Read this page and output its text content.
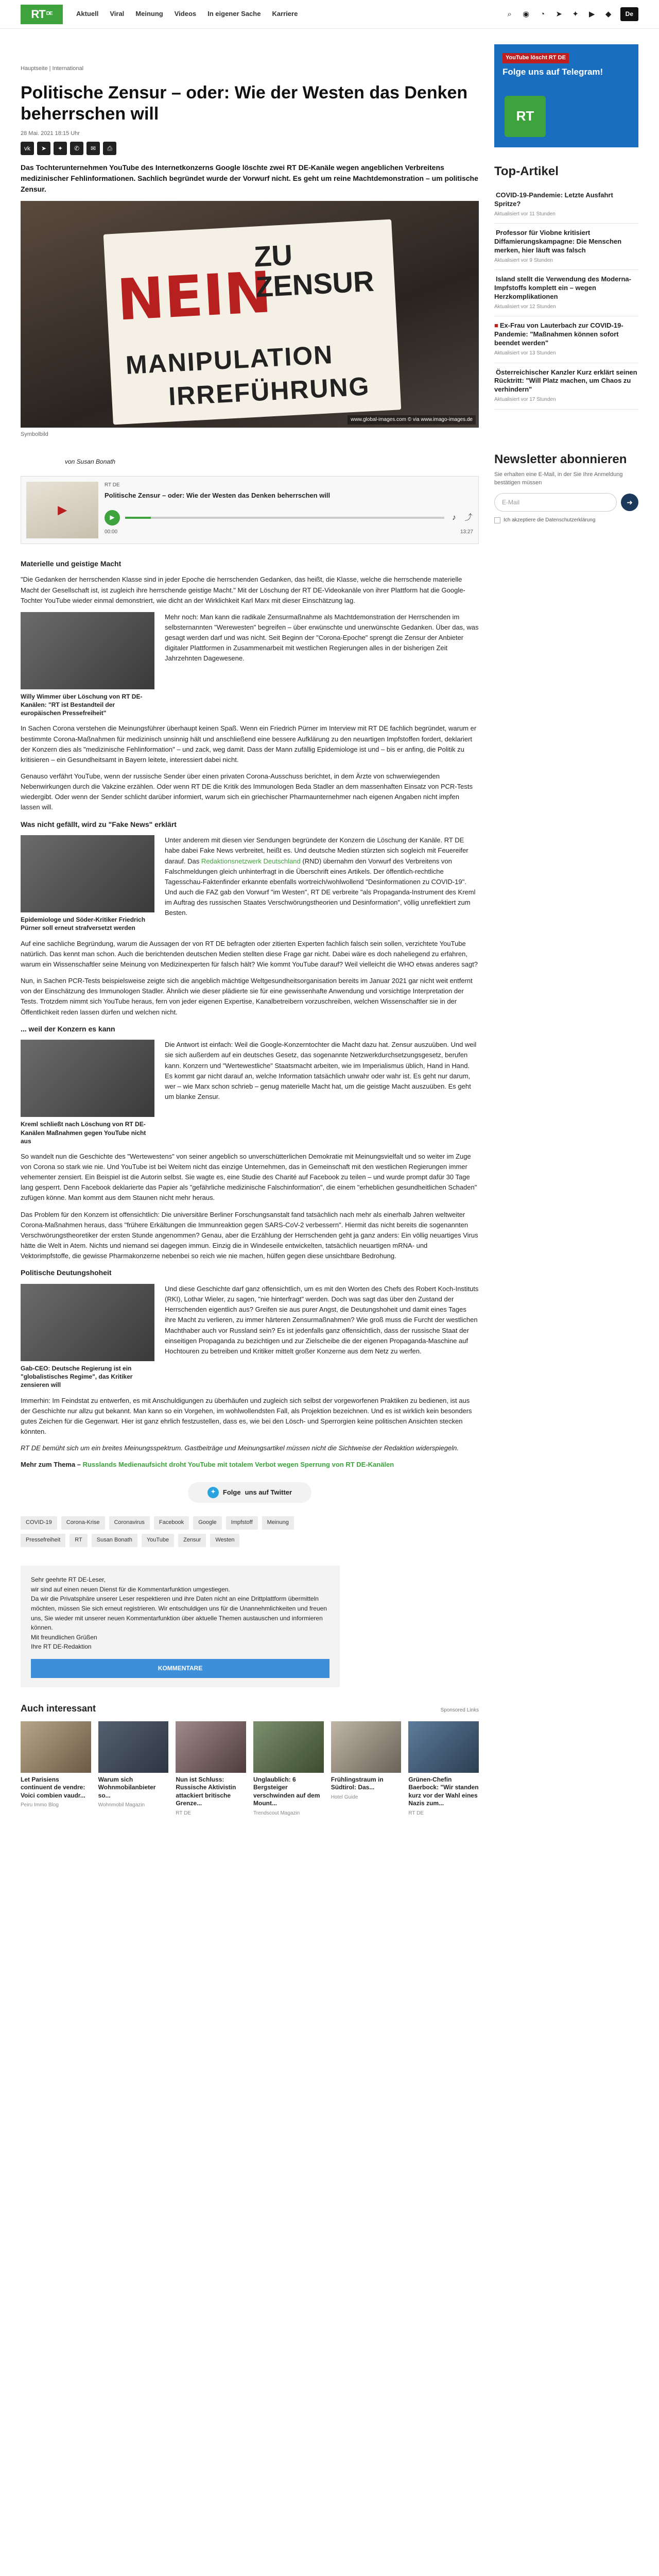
RT DE	Aktuell Viral Meinung Videos In eigener Sache Karriere	⌕	◉ ◔ ➤ ✦ ▶ ◆	De
Hauptseite | International
Politische Zensur – oder: Wie der Westen das Denken beherrschen will
28 Mai. 2021 18:15 Uhr
vk	➤	✦	✆	✉	⎙

Das Tochterunternehmen YouTube des Internetkonzerns Google löschte zwei RT DE-Kanäle wegen angeblichen Verbreitens medizinischer Fehlinformationen. Sachlich begründet wurde der Vorwurf nicht. Es geht um reine Machtdemonstration – um politische Zensur.

NEIN
ZU ZENSUR
MANIPULATION
IRREFÜHRUNG
www.global-images.com © via www.imago-images.de
Symbolbild
von Susan Bonath
▶
RT DE
Politische Zensur – oder: Wie der Westen das Denken beherrschen will
▶	♪	⤴
00:00	13:27
Materielle und geistige Macht

"Die Gedanken der herrschenden Klasse sind in jeder Epoche die herrschenden Gedanken, das heißt, die Klasse, welche die herrschende materielle Macht der Gesellschaft ist, ist zugleich ihre herrschende geistige Macht." Mit der Löschung der RT DE-Videokanäle von ihrer Plattform hat die Google-Tochter YouTube wieder einmal demonstriert, wie dicht an der Wirklichkeit Karl Marx mit dieser Einschätzung lag.

Willy Wimmer über Löschung von RT DE-Kanälen: "RT ist Bestandteil der europäischen Pressefreiheit"

Mehr noch: Man kann die radikale Zensurmaßnahme als Machtdemonstration der Herrschenden im selbsternannten "Werewesten" begreifen – über erwünschte und unerwünschte Gedanken. Über das, was gesagt werden darf und was nicht. Seit Beginn der "Corona-Epoche" sprengt die Zensur der Anbieter digitaler Plattformen in Zusammenarbeit mit westlichen Regierungen alles in der bisherigen Zeit Jahrzehnten Dagewesene.

In Sachen Corona verstehen die Meinungsführer überhaupt keinen Spaß. Wenn ein Friedrich Pürner im Interview mit RT DE fachlich begründet, warum er bestimmte Corona-Maßnahmen für medizinisch unsinnig hält und anschließend eine bessere Aufklärung zu den neuartigen Impfstoffen fordert, deklariert der Konzern dies als "medizinische Fehlinformation" – und zack, weg damit. Dass der Mann zufällig Epidemiologe ist und – bis er anfing, die Politik zu kritisieren – ein Gesundheitsamt in Bayern leitete, interessiert dabei nicht.

Genauso verfährt YouTube, wenn der russische Sender über einen privaten Corona-Ausschuss berichtet, in dem Ärzte von schwerwiegenden Nebenwirkungen durch die Vakzine erzählen. Oder wenn RT DE die Kritik des Immunologen Beda Stadler an dem massenhaften Einsatz von PCR-Tests wiedergibt. Oder wenn der Sender schlicht darüber informiert, warum sich ein griechischer Pharmaunternehmer nach eigenen Angaben nicht impfen lassen will.

Was nicht gefällt, wird zu "Fake News" erklärt
Epidemiologe und Söder-Kritiker Friedrich Pürner soll erneut strafversetzt werden

Unter anderem mit diesen vier Sendungen begründete der Konzern die Löschung der Kanäle. RT DE habe dabei Fake News verbreitet, heißt es. Und deutsche Medien stürzten sich sogleich mit Feuereifer darauf. Das Redaktionsnetzwerk Deutschland (RND) übernahm den Vorwurf des Verbreitens von Falschmeldungen gleich unhinterfragt in die Überschrift eines Artikels. Der öffentlich-rechtliche Tagesschau-Faktenfinder erkannte ebenfalls wortreich/wohlwollend "Desinformationen zu COVID-19". Und auch die FAZ gab den Vorwurf "im Westen", RT DE verbreite "als Propaganda-Instrument des Kreml im Auftrag des russischen Staates Verschwörungstheorien und Desinformation", völlig unreflektiert zum Besten.

Auf eine sachliche Begründung, warum die Aussagen der von RT DE befragten oder zitierten Experten fachlich falsch sein sollen, verzichtete YouTube natürlich. Das kennt man schon. Auch die berichtenden deutschen Medien stellten diese Frage gar nicht. Dabei wäre es doch naheliegend zu erfahren, warum ein Wissenschaftler seine Meinung von Medizinexperten für falsch hält? Wie kommt YouTube darauf? Weil vielleicht die WHO etwas anderes sagt?

Nun, in Sachen PCR-Tests beispielsweise zeigte sich die angeblich mächtige Weltgesundheitsorganisation bereits im Januar 2021 gar nicht weit entfernt von der Einschätzung des Immunologen Stadler. Ähnlich wie dieser plädierte sie für eine gewissenhafte Anwendung und vorsichtige Interpretation der Tests. Trotzdem nimmt sich YouTube heraus, fern von jeder eigenen Expertise, Kanalbetreibern vorzuschreiben, welchen Wissenschaftler sie in der Öffentlichkeit reden lassen dürfen und welchen nicht.

... weil der Konzern es kann
Kreml schließt nach Löschung von RT DE-Kanälen Maßnahmen gegen YouTube nicht aus

Die Antwort ist einfach: Weil die Google-Konzerntochter die Macht dazu hat. Zensur auszuüben. Und weil sie sich außerdem auf ein deutsches Gesetz, das sogenannte Netzwerkdurchsetzungsgesetz, berufen kann. Konzern und "Wertewestliche" Staatsmacht arbeiten, wie im Imperialismus üblich, Hand in Hand. Es kommt gar nicht darauf an, welche Information tatsächlich unwahr oder wahr ist. Es geht nur darum, wer – wie Marx schon schrieb – genug materielle Macht hat, um die geistige Macht auszuüben. Es geht um blanke Zensur.

So wandelt nun die Geschichte des "Wertewestens" von seiner angeblich so unverschütterlichen Demokratie mit Meinungsvielfalt und so weiter im Zuge von Corona so stark wie nie. Und YouTube ist bei Weitem nicht das einzige Unternehmen, das in Gemeinschaft mit den westlichen Regierungen immer vehementer zensiert. Ein Beispiel ist die Autorin selbst. Sie wagte es, eine Studie des Charité auf Facebook zu teilen – und wurde prompt dafür 30 Tage lang gesperrt. Denn Facebook deklarierte das Papier als "gefährliche medizinische Falschinformation", die einem "erheblichen gesundheitlichen Schaden" zufügen könne. Man kommt aus dem Staunen nicht mehr heraus.

Das Problem für den Konzern ist offensichtlich: Die universitäre Berliner Forschungsanstalt fand tatsächlich nach mehr als einerhalb Jahren weltweiter Corona-Maßnahmen heraus, dass "frühere Erkältungen die Immunreaktion gegen SARS-CoV-2 verbessern". Hiermit das nicht bereits die sogenannten Verschwörungstheoretiker der ersten Stunde angenommen? Genau, aber die Erzählung der Herrschenden geht ja ganz anders: Ein völlig neuartiges Virus hätte die Welt in Atem. Nichts und niemand sei dagegen immun. Einzig die in Windeseile entwickelten, tatsächlich neuartigen mRNA- und Vektorimpfstoffe, die gewisse Pharmakonzerne nebenbei so reich wie nie machen, hülfen gegen diese unsichtbare Bedrohung.

Politische Deutungshoheit
Gab-CEO: Deutsche Regierung ist ein "globalistisches Regime", das Kritiker zensieren will

Und diese Geschichte darf ganz offensichtlich, um es mit den Worten des Chefs des Robert Koch-Instituts (RKI), Lothar Wieler, zu sagen, "nie hinterfragt" werden. Doch was sagt das über den Zustand der Herrschenden eigentlich aus? Greifen sie aus purer Angst, die Deutungshoheit und damit eines Tages ihre Macht zu verlieren, zu immer härteren Zensurmaßnahmen? Wie groß muss die Furcht der westlichen Machthaber auch vor Russland sein? Es ist jedenfalls ganz offensichtlich, dass der russische Staat der einseitigen Propaganda zu bezichtigen und zur Zielscheibe die der eigenen Propaganda-Maschine auf Hochtouren zu betreiben und Kritiker mittelt großer Konzerne aus dem Netz zu werfen.

Immerhin: Im Feindstat zu entwerfen, es mit Anschuldigungen zu überhäufen und zugleich sich selbst der vorgeworfenen Praktiken zu bedienen, ist aus der Geschichte nur allzu gut bekannt. Man kann so ein Vorgehen, im wohlwollendsten Fall, als Projektion bezeichnen. Und es ist wirklich kein besonders gutes Zeichen für die Gegenwart. Hier ist ganz ehrlich festzustellen, dass es, wie bei den Lösch- und Sperrorgien keine politischen Ansichten stecken könnten.

RT DE bemüht sich um ein breites Meinungsspektrum. Gastbeiträge und Meinungsartikel müssen nicht die Sichtweise der Redaktion widerspiegeln.

Mehr zum Thema – Russlands Medienaufsicht droht YouTube mit totalem Verbot wegen Sperrung von RT DE-Kanälen

✦	Folge uns auf Twitter
COVID-19	Corona-Krise	Coronavirus	Facebook	Google	Impfstoff	Meinung
Pressefreiheit	RT	Susan Bonath	YouTube	Zensur	Westen
Sehr geehrte RT DE-Leser,
wir sind auf einen neuen Dienst für die Kommentarfunktion umgestiegen.
Da wir die Privatsphäre unserer Leser respektieren und ihre Daten nicht an eine Drittplattform übermitteln möchten, müssen Sie sich erneut registrieren. Wir entschuldigen uns für die Unannehmlichkeiten und freuen uns, Sie wieder mit unserer neuen Kommentarfunktion über aktuelle Themen austauschen und informieren können.
Mit freundlichen Grüßen
Ihre RT DE-Redaktion
KOMMENTARE
Auch interessant	Sponsored Links
Let Parisiens continuent de vendre: Voici combien vaudr...
Peiru Immo Blog
Warum sich Wohnmobilanbieter so...
Wohnmobil Magazin
Nun ist Schluss: Russische Aktivistin attackiert britische Grenze...
RT DE
Unglaublich: 6 Bergsteiger verschwinden auf dem Mount...
Trendscout Magazin
Frühlingstraum in Südtirol: Das...
Hotel Guide
Grünen-Chefin Baerbock: "Wir standen kurz vor der Wahl eines Nazis zum...
RT DE
YouTube löscht RT DE
Folge uns auf Telegram!
RT
Top-Artikel
COVID-19-Pandemie: Letzte Ausfahrt Spritze?
Aktualisiert vor 11 Stunden
Professor für Viobne kritisiert Diffamierungskampagne: Die Menschen merken, hier läuft was falsch
Aktualisiert vor 9 Stunden
Island stellt die Verwendung des Moderna-Impfstoffs komplett ein – wegen Herzkomplikationen
Aktualisiert vor 12 Stunden
■ Ex-Frau von Lauterbach zur COVID-19-Pandemie: "Maßnahmen können sofort beendet werden"
Aktualisiert vor 13 Stunden
Österreichischer Kanzler Kurz erklärt seinen Rücktritt: "Will Platz machen, um Chaos zu verhindern"
Aktualisiert vor 17 Stunden
Newsletter abonnieren
Sie erhalten eine E-Mail, in der Sie Ihre Anmeldung bestätigen müssen
E-Mail	➜
Ich akzeptiere die Datenschutzerklärung
